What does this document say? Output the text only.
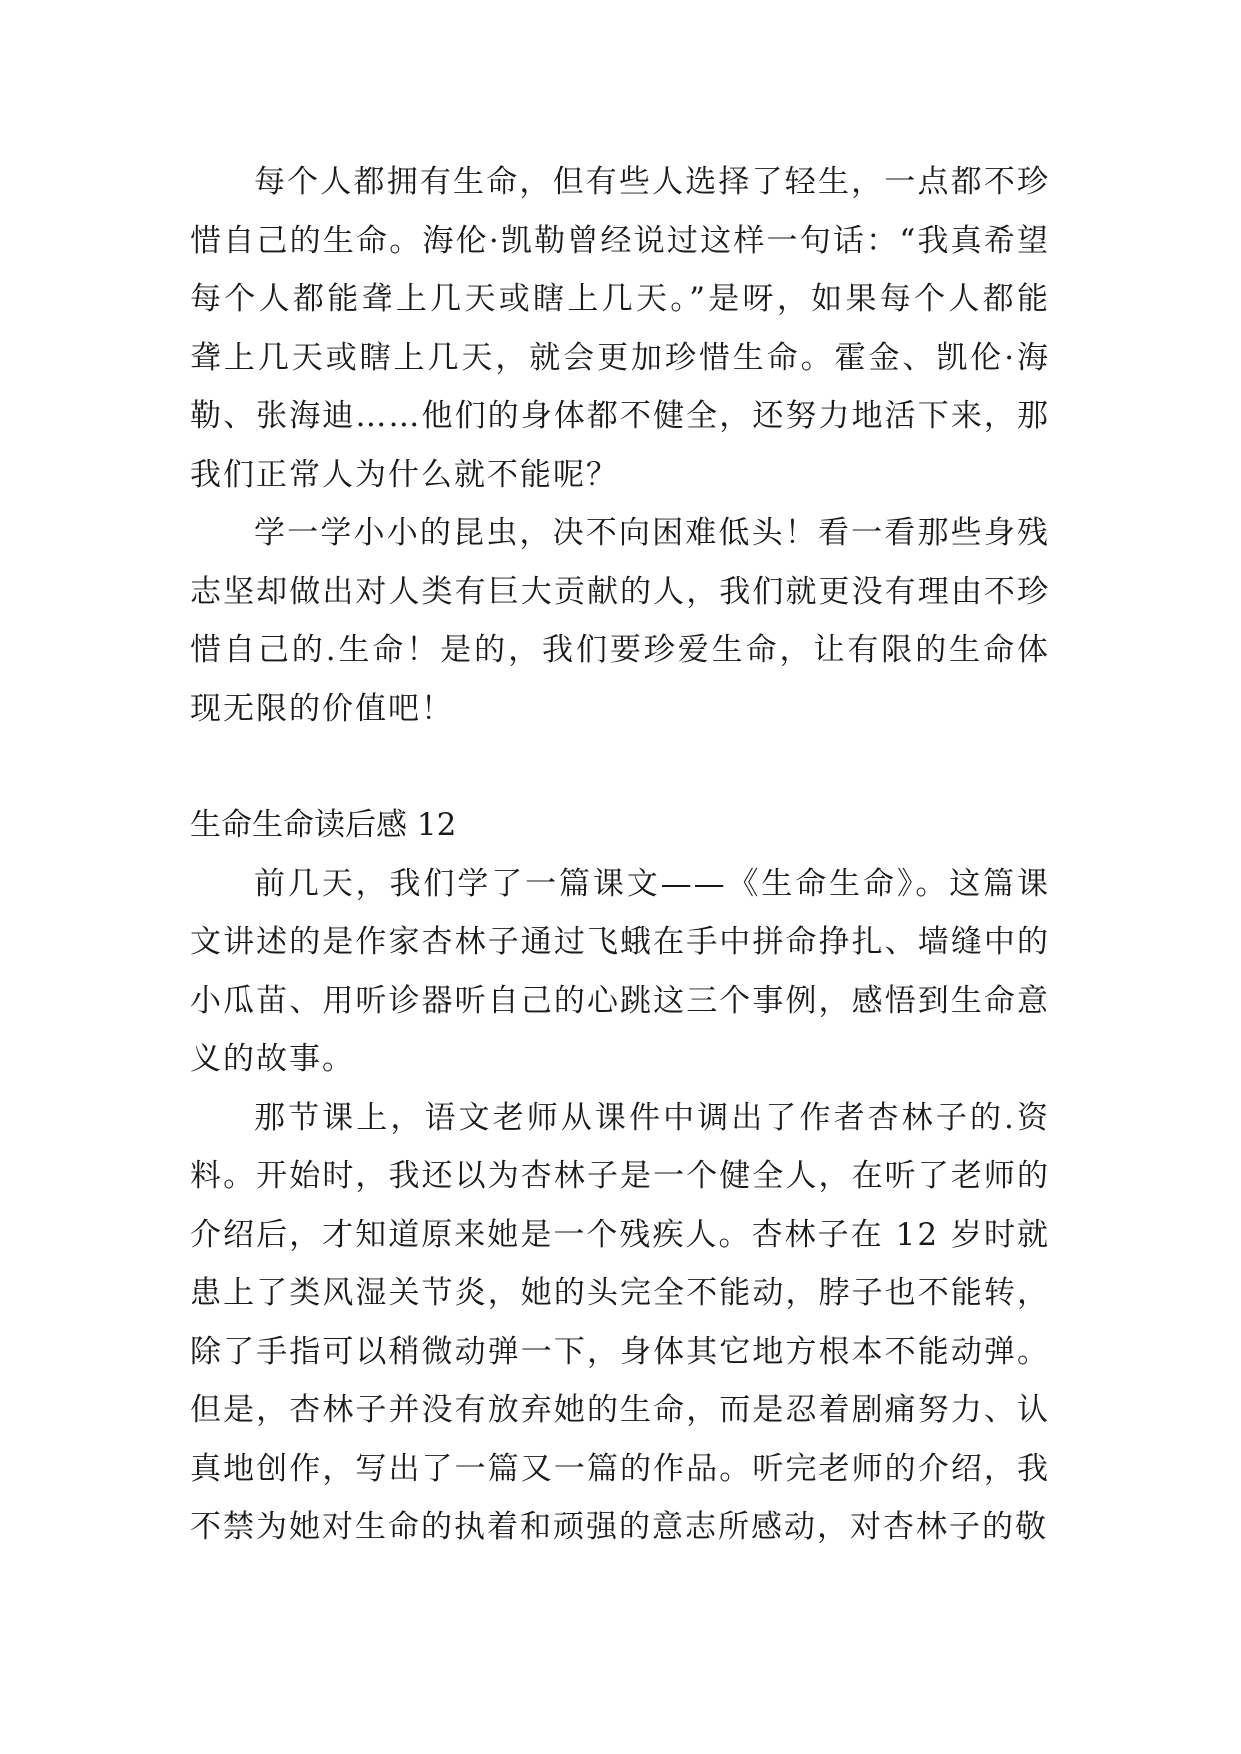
每个人都拥有生命，但有些人选择了轻生，一点都不珍惜自己的生命。海伦·凯勒曾经说过这样一句话：“我真希望每个人都能聋上几天或瞎上几天。”是呀，如果每个人都能聋上几天或瞎上几天，就会更加珍惜生命。霍金、凯伦·海勒、张海迪……他们的身体都不健全，还努力地活下来，那我们正常人为什么就不能呢？

学一学小小的昆虫，决不向困难低头！看一看那些身残志坚却做出对人类有巨大贡献的人，我们就更没有理由不珍惜自己的.生命！是的，我们要珍爱生命，让有限的生命体现无限的价值吧！

生命生命读后感 12

前几天，我们学了一篇课文——《生命生命》。这篇课文讲述的是作家杏林子通过飞蛾在手中拼命挣扎、墙缝中的小瓜苗、用听诊器听自己的心跳这三个事例，感悟到生命意义的故事。

那节课上，语文老师从课件中调出了作者杏林子的.资料。开始时，我还以为杏林子是一个健全人，在听了老师的介绍后，才知道原来她是一个残疾人。杏林子在 12 岁时就患上了类风湿关节炎，她的头完全不能动，脖子也不能转，除了手指可以稍微动弹一下，身体其它地方根本不能动弹。但是，杏林子并没有放弃她的生命，而是忍着剧痛努力、认真地创作，写出了一篇又一篇的作品。听完老师的介绍，我不禁为她对生命的执着和顽强的意志所感动，对杏林子的敬
